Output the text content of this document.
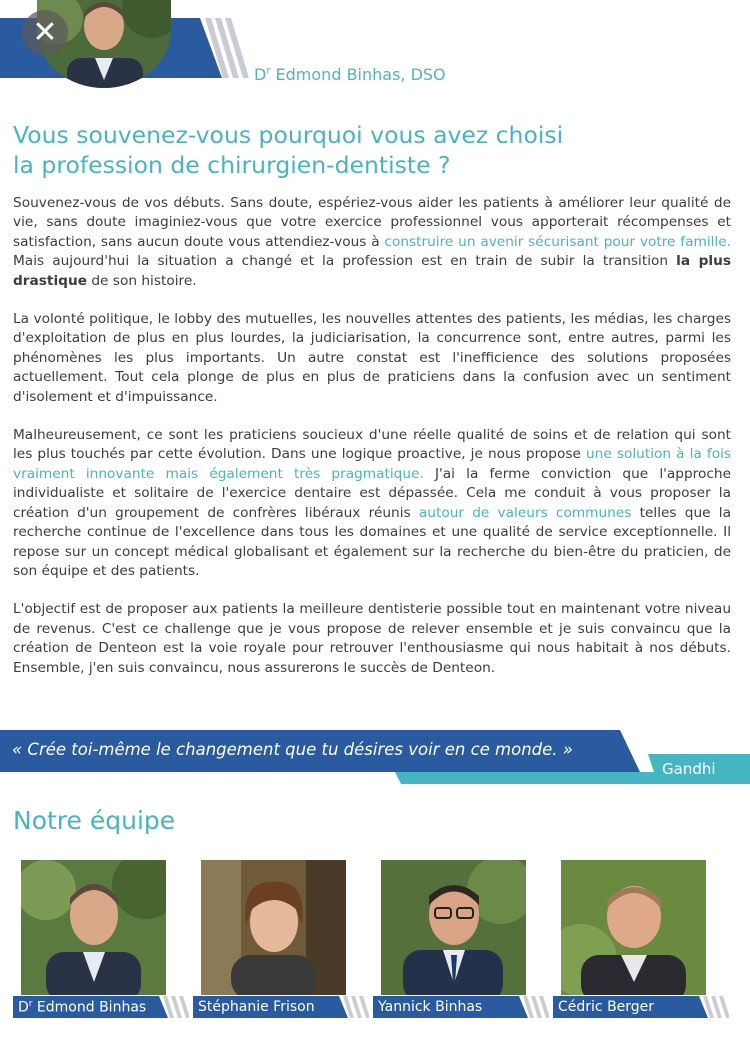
✕
$D^r$ Edmond Binhas, DSO
Vous souvenez-vous pourquoi vous avez choisi
la profession de chirurgien-dentiste ?

Souvenez-vous de vos débuts. Sans doute, espériez-vous aider les patients à améliorer leur qualité de vie, sans doute imaginiez-vous que votre exercice professionnel vous apporterait récompenses et satisfaction, sans aucun doute vous attendiez-vous à construire un avenir sécurisant pour votre famille. Mais aujourd'hui la situation a changé et la profession est en train de subir la transition la plus drastique de son histoire.

La volonté politique, le lobby des mutuelles, les nouvelles attentes des patients, les médias, les charges d'exploitation de plus en plus lourdes, la judiciarisation, la concurrence sont, entre autres, parmi les phénomènes les plus importants. Un autre constat est l'inefficience des solutions proposées actuellement. Tout cela plonge de plus en plus de praticiens dans la confusion avec un sentiment d'isolement et d'impuissance.

Malheureusement, ce sont les praticiens soucieux d'une réelle qualité de soins et de relation qui sont les plus touchés par cette évolution. Dans une logique proactive, je nous propose une solution à la fois vraiment innovante mais également très pragmatique. J'ai la ferme conviction que l'approche individualiste et solitaire de l'exercice dentaire est dépassée. Cela me conduit à vous proposer la création d'un groupement de confrères libéraux réunis autour de valeurs communes telles que la recherche continue de l'excellence dans tous les domaines et une qualité de service exceptionnelle. Il repose sur un concept médical globalisant et également sur la recherche du bien-être du praticien, de son équipe et des patients.

L'objectif est de proposer aux patients la meilleure dentisterie possible tout en maintenant votre niveau de revenus. C'est ce challenge que je vous propose de relever ensemble et je suis convaincu que la création de Denteon est la voie royale pour retrouver l'enthousiasme qui nous habitait à nos débuts. Ensemble, j'en suis convaincu, nous assurerons le succès de Denteon.

« Crée toi-même le changement que tu désires voir en ce monde. »
Gandhi
Notre équipe
$D^r$ Edmond Binhas	Stéphanie Frison	Yannick Binhas	Cédric Berger
